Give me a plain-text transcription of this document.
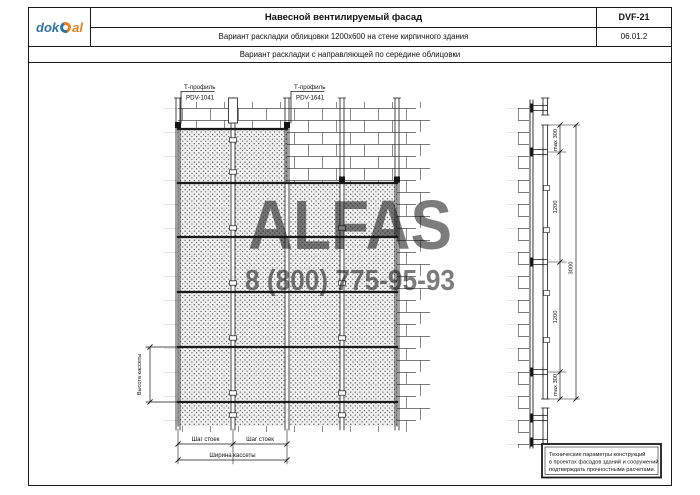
dok al
Навесной вентилируемый фасад	DVF-21
Вариант раскладки облицовки 1200x600 на стене кирпичного здания	06.01.2
Вариант раскладки с направляющей по середине облицовки
Т-профиль
PDV-1041
Т-профиль
PDV-1641
Высота кассеты
Шаг стоек	Шаг стоек
Ширина кассеты
max 300
1200
1200
max 300
3000
ALFAS
8 (800) 775-95-93
Технические параметры конструкций
в проектах фасадов зданий и сооружений
подтверждать прочностными расчетами.
